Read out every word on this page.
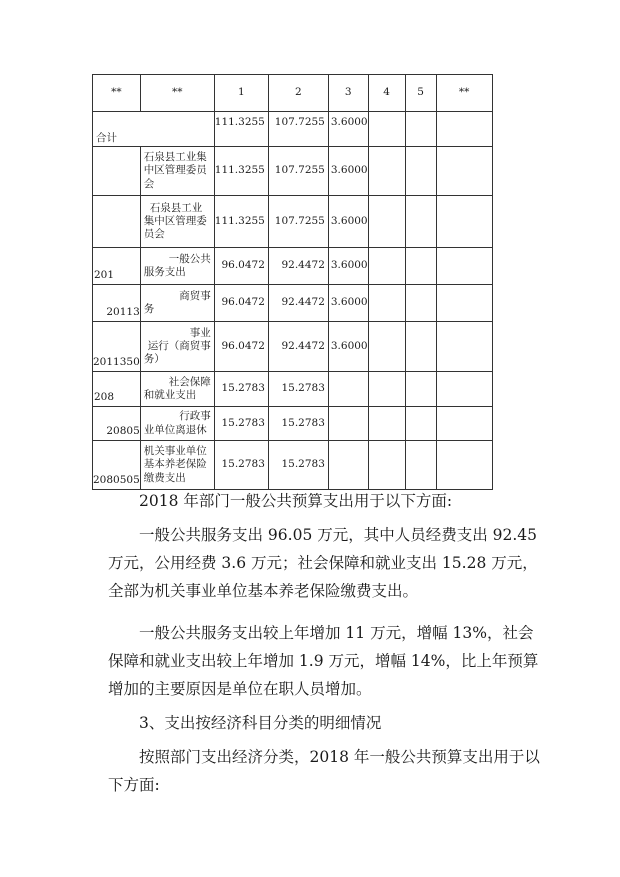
**	**	1	2	3	4	5	**
合计		111.3255	107.7255	3.6000			

	石泉县工业集
中区管理委员
会	111.3255	107.7255	3.6000			

	石泉县工业
集中区管理委
员会	111.3255	107.7255	3.6000			
201	一般公共
服务支出	96.0472	92.4472	3.6000			
20113	商贸事
务	96.0472	92.4472	3.6000			
2011350	事业
运行（商贸事
务）	96.0472	92.4472	3.6000			
208	社会保障
和就业支出	15.2783	15.2783				
20805	行政事
业单位离退休	15.2783	15.2783				
2080505	机关事业单位
基本养老保险
缴费支出	15.2783	15.2783				

2018 年部门一般公共预算支出用于以下方面:

一般公共服务支出 96.05 万元，其中人员经费支出 92.45 万元，公用经费 3.6 万元；社会保障和就业支出 15.28 万元，全部为机关事业单位基本养老保险缴费支出。

一般公共服务支出较上年增加 11 万元，增幅 13%，社会保障和就业支出较上年增加 1.9 万元，增幅 14%，比上年预算增加的主要原因是单位在职人员增加。

3、支出按经济科目分类的明细情况

按照部门支出经济分类，2018 年一般公共预算支出用于以下方面:
